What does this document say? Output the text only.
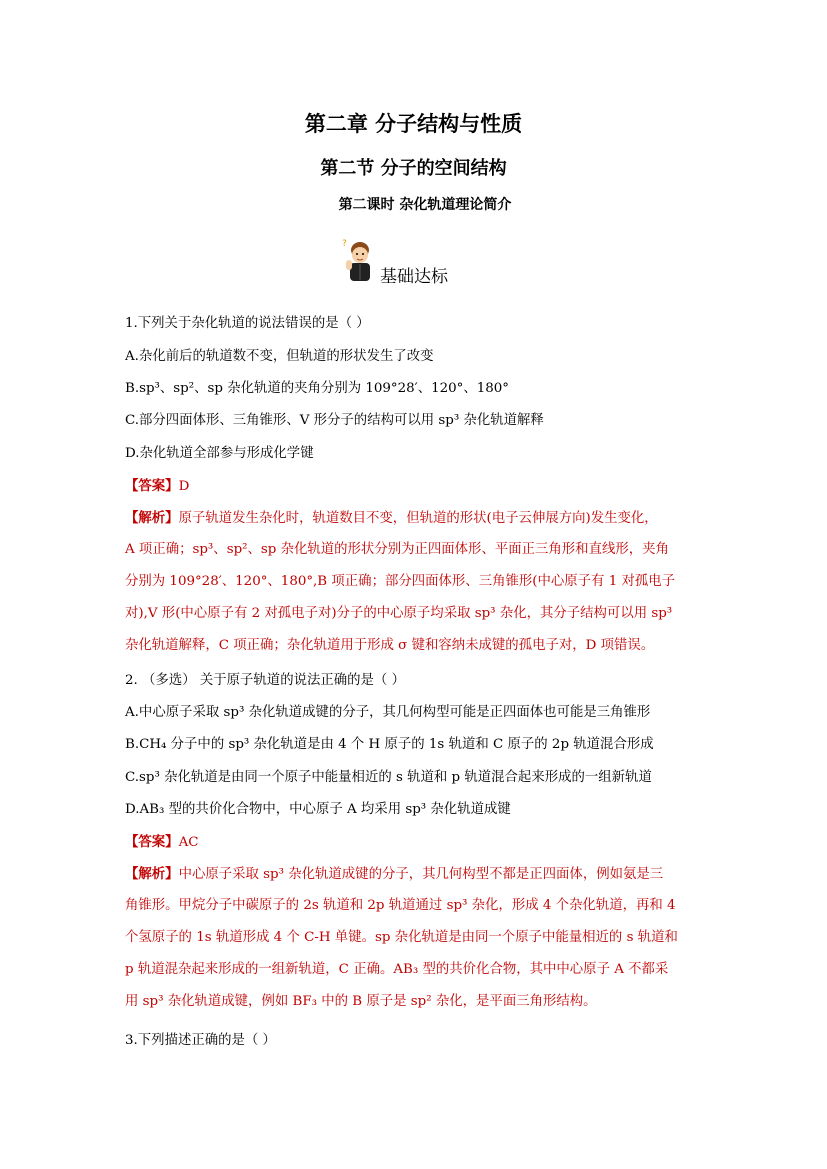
第二章 分子结构与性质
第二节 分子的空间结构
第二课时 杂化轨道理论简介
?
基础达标
1.下列关于杂化轨道的说法错误的是（ ）
A.杂化前后的轨道数不变，但轨道的形状发生了改变
B.sp³、sp²、sp 杂化轨道的夹角分别为 109°28′、120°、180°
C.部分四面体形、三角锥形、V 形分子的结构可以用 sp³ 杂化轨道解释
D.杂化轨道全部参与形成化学键
【答案】D
【解析】原子轨道发生杂化时，轨道数目不变，但轨道的形状(电子云伸展方向)发生变化，
A 项正确；sp³、sp²、sp 杂化轨道的形状分别为正四面体形、平面正三角形和直线形，夹角
分别为 109°28′、120°、180°,B 项正确；部分四面体形、三角锥形(中心原子有 1 对孤电子
对),V 形(中心原子有 2 对孤电子对)分子的中心原子均采取 sp³ 杂化，其分子结构可以用 sp³
杂化轨道解释，C 项正确；杂化轨道用于形成 σ 键和容纳未成键的孤电子对，D 项错误。
2. （多选） 关于原子轨道的说法正确的是（ ）
A.中心原子采取 sp³ 杂化轨道成键的分子，其几何构型可能是正四面体也可能是三角锥形
B.CH₄ 分子中的 sp³ 杂化轨道是由 4 个 H 原子的 1s 轨道和 C 原子的 2p 轨道混合形成
C.sp³ 杂化轨道是由同一个原子中能量相近的 s 轨道和 p 轨道混合起来形成的一组新轨道
D.AB₃ 型的共价化合物中，中心原子 A 均采用 sp³ 杂化轨道成键
【答案】AC
【解析】中心原子采取 sp³ 杂化轨道成键的分子，其几何构型不都是正四面体，例如氨是三
角锥形。甲烷分子中碳原子的 2s 轨道和 2p 轨道通过 sp³ 杂化，形成 4 个杂化轨道，再和 4
个氢原子的 1s 轨道形成 4 个 C-H 单键。sp 杂化轨道是由同一个原子中能量相近的 s 轨道和
p 轨道混杂起来形成的一组新轨道，C 正确。AB₃ 型的共价化合物，其中中心原子 A 不都采
用 sp³ 杂化轨道成键，例如 BF₃ 中的 B 原子是 sp² 杂化，是平面三角形结构。
3.下列描述正确的是（ ）
